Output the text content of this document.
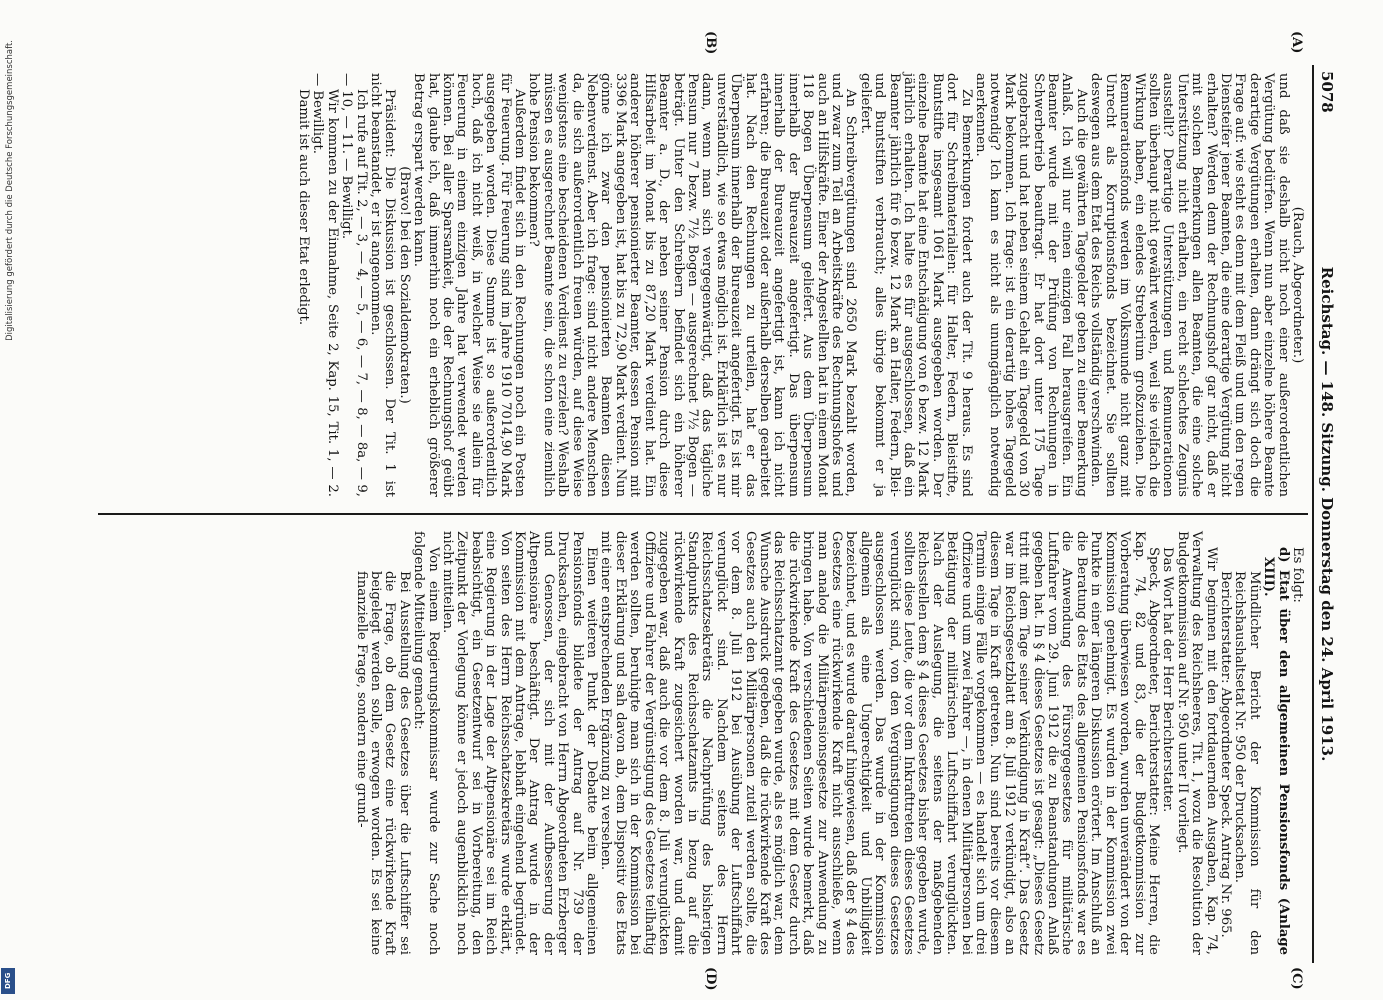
5078
Reichstag. — 148. Sitzung. Donnerstag den 24. April 1913.
(A)
(B)
(C)
(D)

(Rauch, Abgeordneter.)

und daß sie deshalb nicht noch einer außerordentlichen Vergütung bedürfen. Wenn nun aber einzelne höhere Beamte derartige Vergütungen erhalten, dann drängt sich doch die Frage auf: wie steht es denn mit dem Fleiß und um den regen Diensteifer jener Beamten, die eine derartige Vergütung nicht erhalten? Werden denn der Rechnungshof gar nicht, daß er mit solchen Bemerkungen allen Beamten, die eine solche Unterstützung nicht erhalten, ein recht schlechtes Zeugnis ausstellt? Derartige Unterstützungen und Remunerationen sollten überhaupt nicht gewährt werden, weil sie vielfach die Wirkung haben, ein elendes Streberium großzuziehen. Die Remunerationsfonds werden im Volksmunde nicht ganz mit Unrecht als Korruptionsfonds bezeichnet. Sie sollten deswegen aus dem Etat des Reichs vollständig verschwinden.

Auch die gewährten Tagegelder geben zu einer Bemerkung Anlaß. Ich will nur einen einzigen Fall herausgreifen. Ein Beamter wurde mit der Prüfung von Rechnungen in Schwerbetrieb beauftragt. Er hat dort unter 175 Tage zugebracht und hat neben seinem Gehalt ein Tagegeld von 30 Mark bekommen. Ich frage: ist ein derartig hohes Tagegeld notwendig? Ich kann es nicht als unumgänglich notwendig anerkennen.

Zu Bemerkungen fordert auch der Tit. 9 heraus. Es sind dort für Schreibmaterialien: für Halter, Federn, Bleistifte, Buntstifte insgesamt 1061 Mark ausgegeben worden. Der einzelne Beamte hat eine Entschädigung von 6 bezw. 12 Mark jährlich erhalten. Ich halte es für ausgeschlossen, daß ein Beamter jährlich für 6 bezw. 12 Mark an Halter, Federn, Blei- und Buntstiften verbraucht; alles übrige bekommt er ja geliefert.

An Schreibvergütungen sind 2650 Mark bezahlt worden, und zwar zum Teil an Arbeitskräfte des Rechnungshofes und auch an Hilfskräfte. Einer der Angestellten hat in einem Monat 118 Bogen Überpensum geliefert. Aus dem Überpensum innerhalb der Bureauzeit angefertigt. Das überpensum innerhalb der Bureauzeit angefertigt ist, kann ich nicht erfahren; die Bureauzeit oder außerhalb derselben gearbeitet hat. Nach den Rechnungen zu urteilen, hat er das Überpensum innerhalb der Bureauzeit angefertigt. Es ist mir unverständlich, wie so etwas möglich ist. Erklärlich ist es nur dann, wenn man sich vergegenwärtigt, daß das tägliche Pensum nur 7 bezw. 7½ Bogen — ausgerechnet 7½ Bogen — beträgt. Unter den Schreibern befindet sich ein höherer Beamter a. D., der neben seiner Pension durch diese Hilfsarbeit im Monat bis zu 87,20 Mark verdient hat. Ein anderer höherer pensionierter Beamter, dessen Pension mit 3396 Mark angegeben ist, hat bis zu 72,90 Mark verdient. Nun gönne ich zwar den pensionierten Beamten diesen Nebenverdienst. Aber ich frage: sind nicht andere Menschen da, die sich außerordentlich freuen würden, auf diese Weise wenigstens eine bescheidenen Verdienst zu erzielen? Weshalb müssen es ausgerechnet Beamte sein, die schon eine ziemlich hohe Pension bekommen?

Außerdem findet sich in den Rechnungen noch ein Posten für Feuerung. Für Feuerung sind im Jahre 1910 7014,90 Mark ausgegeben worden. Diese Summe ist so außerordentlich hoch, daß ich nicht weiß, in welcher Weise sie allein für Feuerung in einem einzigen Jahre hat verwendet werden können. Bei aller Sparsamkeit, die der Rechnungshof geübt hat, glaube ich, daß immerhin noch ein erheblich größerer Betrag erspart werden kann.

(Bravo! bei den Sozialdemokraten.)

Präsident: Die Diskussion ist geschlossen. Der Tit. 1 ist nicht beanstandet, er ist angenommen.

Ich rufe auf Tit. 2, — 3, — 4, — 5, — 6, — 7, — 8, — 8a, — 9, — 10, — 11. — Bewilligt.

Wir kommen zu der Einnahme, Seite 2, Kap. 15, Tit. 1, — 2. — Bewilligt.

Damit ist auch dieser Etat erledigt.

Es folgt:

d) Etat über den allgemeinen Pensionsfonds (Anlage XIII).

Mündlicher Bericht der Kommission für den Reichshaushaltsetat Nr. 950 der Drucksachen.

Berichterstatter: Abgeordneter Speck. Antrag Nr. 965.

Wir beginnen mit den fortdauernden Ausgaben, Kap. 74, Verwaltung des Reichsheeres, Tit. 1, wozu die Resolution der Budgetkommission auf Nr. 950 unter II vorliegt.

Das Wort hat der Herr Berichterstatter.

Speck, Abgeordneter, Berichterstatter: Meine Herren, die Kap. 74, 82 und 83, die der Budgetkommission zur Vorberatung überwiesen worden, wurden unverändert von der Kommission genehmigt. Es wurden in der Kommission zwei Punkte in einer längeren Diskussion erörtert. Im Anschluß an die Beratung des Etats des allgemeinen Pensionsfonds war es die Anwendung des Fürsorgegesetzes für militärische Luftfahrer vom 29. Juni 1912 die zu Beanstandungen Anlaß gegeben hat. In § 4 dieses Gesetzes ist gesagt: „Dieses Gesetz tritt mit dem Tage seiner Verkündigung in Kraft“. Das Gesetz war im Reichsgesetzblatt am 8. Juli 1912 verkündigt, also an diesem Tage in Kraft getreten. Nun sind bereits vor diesem Termin einige Fälle vorgekommen — es handelt sich um drei Offiziere und um zwei Fahrer —, in denen Militärpersonen bei Betätigung der militärischen Luftschiffahrt verunglückten. Nach der Auslegung, die seitens der maßgebenden Reichsstellen dem § 4 dieses Gesetzes bisher gegeben wurde, sollten diese Leute, die vor dem Inkrafttreten dieses Gesetzes verunglückt sind, von den Vergünstigungen dieses Gesetzes ausgeschlossen werden. Das wurde in der Kommission allgemein als eine Ungerechtigkeit und Unbilligkeit bezeichnet, und es wurde darauf hingewiesen, daß der § 4 des Gesetzes eine rückwirkende Kraft nicht ausschließe, wenn man analog die Militärpensionsgesetze zur Anwendung zu bringen habe. Von verschiedenen Seiten wurde bemerkt, daß die rückwirkende Kraft des Gesetzes mit dem Gesetz durch das Reichsschatzamt gegeben wurde, als es möglich war, dem Wunsche Ausdruck gegeben, daß die rückwirkende Kraft des Gesetzes auch den Militärpersonen zuteil werden sollte, die vor dem 8. Juli 1912 bei Ausübung der Luftschiffahrt verunglückt sind. Nachdem seitens des Herrn Reichsschatzsekretärs die Nachprüfung des bisherigen Standpunkts des Reichsschatzamts in bezug auf die rückwirkende Kraft zugesichert worden war, und damit zugegeben war, daß auch die vor dem 8. Juli verunglückten Offiziere und Fahrer der Vergünstigung des Gesetzes teilhaftig werden sollten, beruhigte man sich in der Kommission bei dieser Erklärung und sah davon ab, dem Dispositiv des Etats mit einer entsprechenden Ergänzung zu versehen.

Einen weiteren Punkt der Debatte beim allgemeinen Pensionsfonds bildete der Antrag auf Nr. 739 der Drucksachen, eingebracht von Herrn Abgeordneten Erzberger und Genossen, der sich mit der Aufbesserung der Altpensionäre beschäftigt. Der Antrag wurde in der Kommission mit dem Antrage, lebhaft eingehend begründet. Von seiten des Herrn Reichsschatzsekretärs wurde erklärt, eine Regierung in der Lage der Altpensionäre sei im Reich beabsichtigt, ein Gesetzentwurf sei in Vorbereitung, den Zeitpunkt der Vorlegung könne er jedoch augenblicklich noch nicht mitteilen.

Von einem Regierungskommissar wurde zur Sache noch folgende Mitteilung gemacht:

Bei Ausstellung des Gesetzes über die Luftschiffer sei die Frage, ob dem Gesetz eine rückwirkende Kraft beigelegt werden solle, erwogen worden. Es sei keine finanzielle Frage, sondern eine grund-

Digitalisierung gefördert durch die Deutsche Forschungsgemeinschaft.
DFG
